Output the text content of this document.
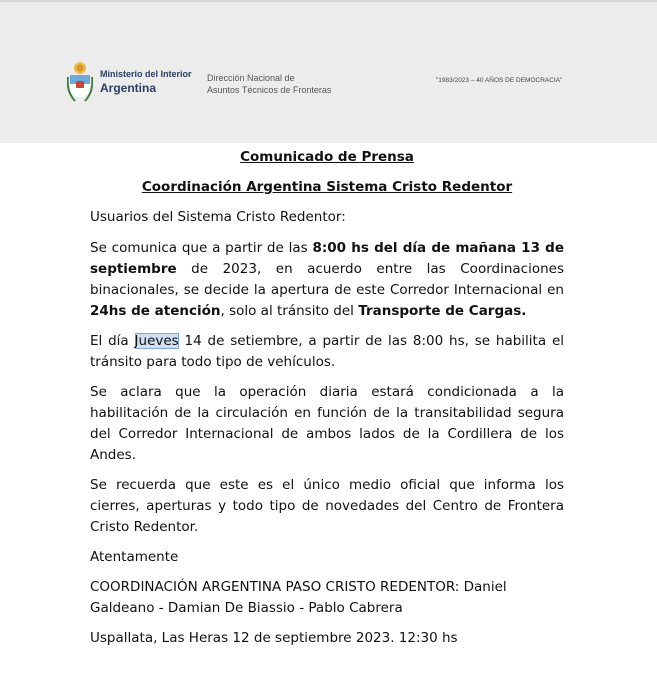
Ministerio del Interior
Argentina
Dirección Nacional de
Asuntos Técnicos de Fronteras
"1983/2023 – 40 AÑOS DE DEMOCRACIA"
Comunicado de Prensa
Coordinación Argentina Sistema Cristo Redentor

Usuarios del Sistema Cristo Redentor:

Se comunica que a partir de las 8:00 hs del día de mañana 13 de septiembre de 2023, en acuerdo entre las Coordinaciones binacionales, se decide la apertura de este Corredor Internacional en 24hs de atención, solo al tránsito del Transporte de Cargas.

El día Jueves 14 de setiembre, a partir de las 8:00 hs, se habilita el tránsito para todo tipo de vehículos.

Se aclara que la operación diaria estará condicionada a la habilitación de la circulación en función de la transitabilidad segura del Corredor Internacional de ambos lados de la Cordillera de los Andes.

Se recuerda que este es el único medio oficial que informa los cierres, aperturas y todo tipo de novedades del Centro de Frontera Cristo Redentor.

Atentamente

COORDINACIÓN ARGENTINA PASO CRISTO REDENTOR: Daniel Galdeano - Damian De Biassio - Pablo Cabrera

Uspallata, Las Heras 12 de septiembre 2023. 12:30 hs
